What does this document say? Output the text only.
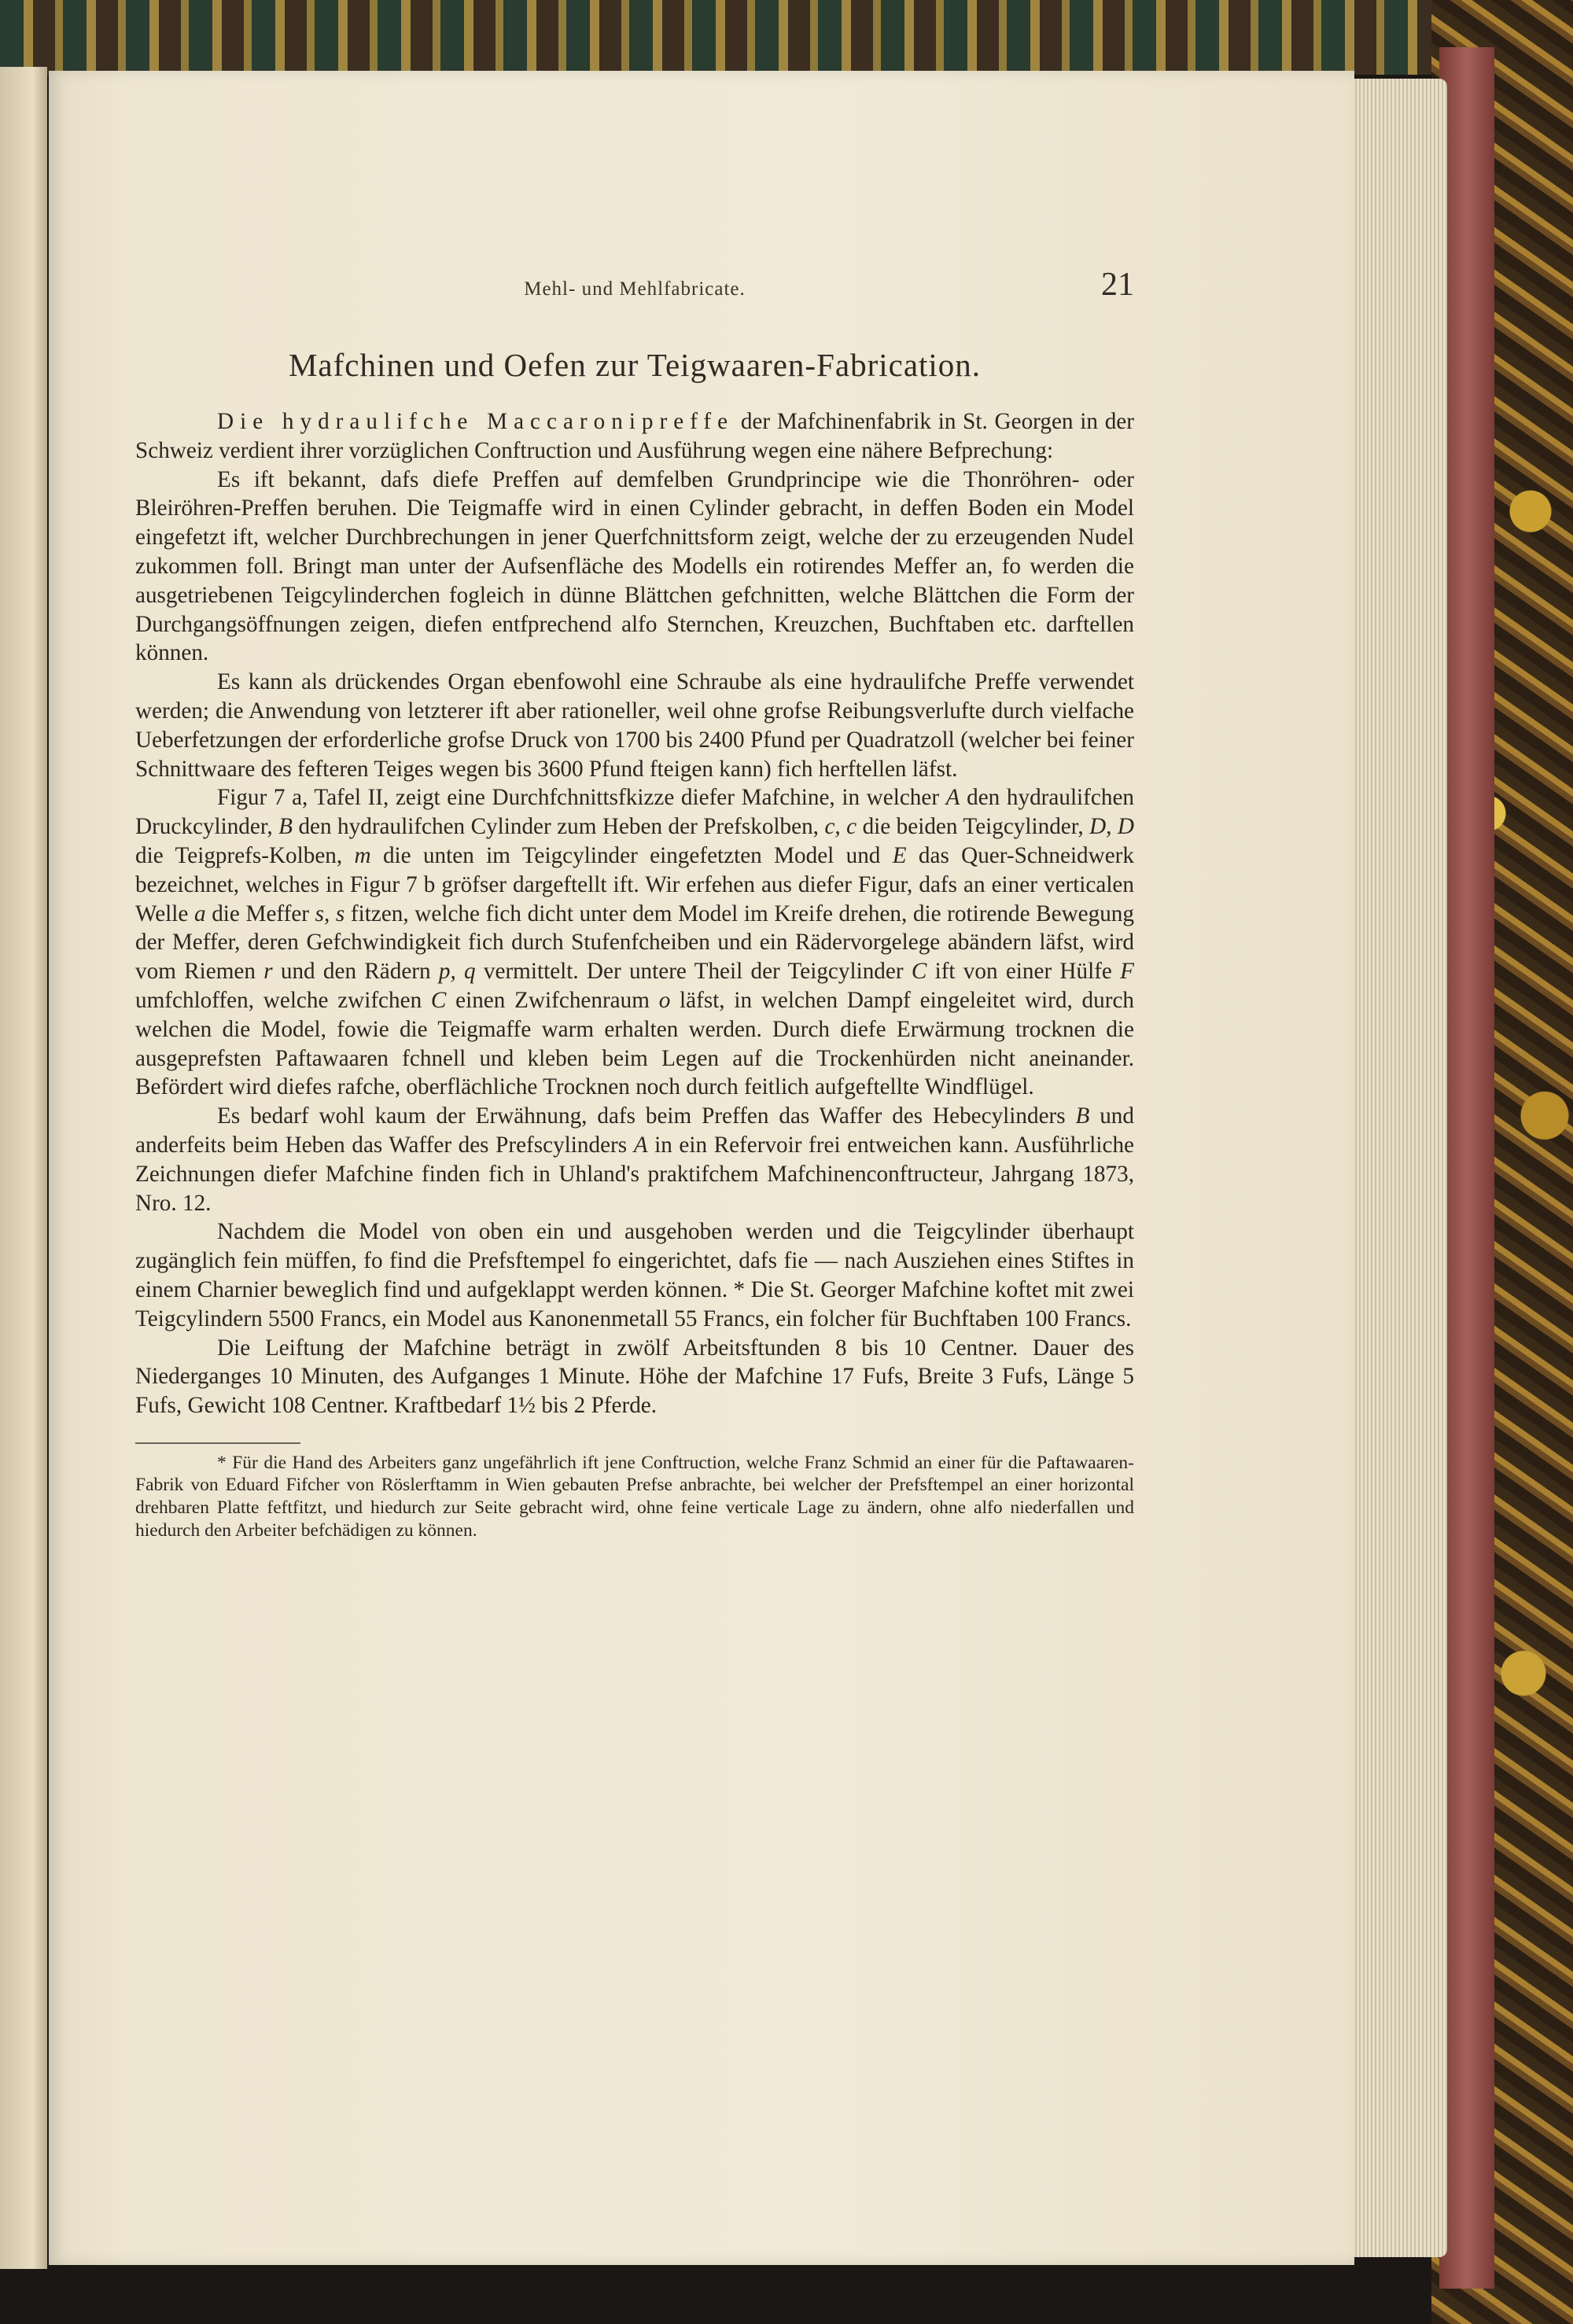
Mehl- und Mehlfabricate.	21
Mafchinen und Oefen zur Teigwaaren-Fabrication.

Die hydraulifche Maccaronipreffe der Mafchinenfabrik in St. Georgen in der Schweiz verdient ihrer vorzüglichen Conftruction und Ausführung wegen eine nähere Befprechung:

Es ift bekannt, dafs diefe Preffen auf demfelben Grundprincipe wie die Thonröhren- oder Bleiröhren-Preffen beruhen. Die Teigmaffe wird in einen Cylinder gebracht, in deffen Boden ein Model eingefetzt ift, welcher Durchbrechungen in jener Querfchnittsform zeigt, welche der zu erzeugenden Nudel zukommen foll. Bringt man unter der Aufsenfläche des Modells ein rotirendes Meffer an, fo werden die ausgetriebenen Teigcylinderchen fogleich in dünne Blättchen gefchnitten, welche Blättchen die Form der Durchgangsöffnungen zeigen, diefen entfprechend alfo Sternchen, Kreuzchen, Buchftaben etc. darftellen können.

Es kann als drückendes Organ ebenfowohl eine Schraube als eine hydraulifche Preffe verwendet werden; die Anwendung von letzterer ift aber rationeller, weil ohne grofse Reibungsverlufte durch vielfache Ueberfetzungen der erforderliche grofse Druck von 1700 bis 2400 Pfund per Quadratzoll (welcher bei feiner Schnittwaare des fefteren Teiges wegen bis 3600 Pfund fteigen kann) fich herftellen läfst.

Figur 7 a, Tafel II, zeigt eine Durchfchnittsfkizze diefer Mafchine, in welcher A den hydraulifchen Druckcylinder, B den hydraulifchen Cylinder zum Heben der Prefskolben, c, c die beiden Teigcylinder, D, D die Teigprefs-Kolben, m die unten im Teigcylinder eingefetzten Model und E das Quer-Schneidwerk bezeichnet, welches in Figur 7 b gröfser dargeftellt ift. Wir erfehen aus diefer Figur, dafs an einer verticalen Welle a die Meffer s, s fitzen, welche fich dicht unter dem Model im Kreife drehen, die rotirende Bewegung der Meffer, deren Gefchwindigkeit fich durch Stufenfcheiben und ein Rädervorgelege abändern läfst, wird vom Riemen r und den Rädern p, q vermittelt. Der untere Theil der Teigcylinder C ift von einer Hülfe F umfchloffen, welche zwifchen C einen Zwifchenraum o läfst, in welchen Dampf eingeleitet wird, durch welchen die Model, fowie die Teigmaffe warm erhalten werden. Durch diefe Erwärmung trocknen die ausgeprefsten Paftawaaren fchnell und kleben beim Legen auf die Trockenhürden nicht aneinander. Befördert wird diefes rafche, oberflächliche Trocknen noch durch feitlich aufgeftellte Windflügel.

Es bedarf wohl kaum der Erwähnung, dafs beim Preffen das Waffer des Hebecylinders B und anderfeits beim Heben das Waffer des Prefscylinders A in ein Refervoir frei entweichen kann. Ausführliche Zeichnungen diefer Mafchine finden fich in Uhland's praktifchem Mafchinenconftructeur, Jahrgang 1873, Nro. 12.

Nachdem die Model von oben ein und ausgehoben werden und die Teigcylinder überhaupt zugänglich fein müffen, fo find die Prefsftempel fo eingerichtet, dafs fie — nach Ausziehen eines Stiftes in einem Charnier beweglich find und aufgeklappt werden können. * Die St. Georger Mafchine koftet mit zwei Teigcylindern 5500 Francs, ein Model aus Kanonenmetall 55 Francs, ein folcher für Buchftaben 100 Francs.

Die Leiftung der Mafchine beträgt in zwölf Arbeitsftunden 8 bis 10 Centner. Dauer des Niederganges 10 Minuten, des Aufganges 1 Minute. Höhe der Mafchine 17 Fufs, Breite 3 Fufs, Länge 5 Fufs, Gewicht 108 Centner. Kraftbedarf 1½ bis 2 Pferde.

* Für die Hand des Arbeiters ganz ungefährlich ift jene Conftruction, welche Franz Schmid an einer für die Paftawaaren-Fabrik von Eduard Fifcher von Röslerftamm in Wien gebauten Prefse anbrachte, bei welcher der Prefsftempel an einer horizontal drehbaren Platte feftfitzt, und hiedurch zur Seite gebracht wird, ohne feine verticale Lage zu ändern, ohne alfo niederfallen und hiedurch den Arbeiter befchädigen zu können.
